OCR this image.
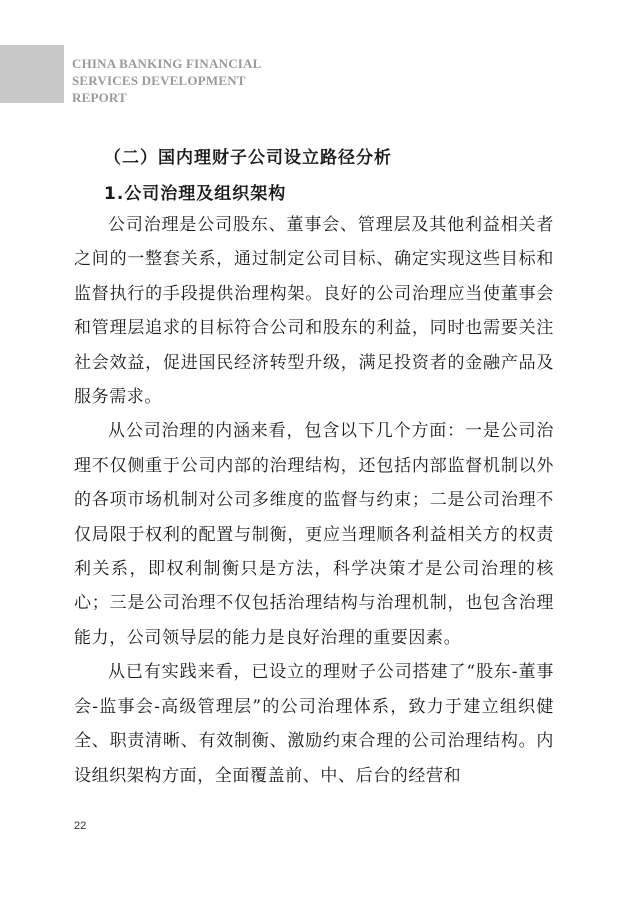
CHINA BANKING FINANCIAL
SERVICES DEVELOPMENT
REPORT
（二）国内理财子公司设立路径分析
1.公司治理及组织架构

公司治理是公司股东、董事会、管理层及其他利益相关者之间的一整套关系，通过制定公司目标、确定实现这些目标和监督执行的手段提供治理构架。良好的公司治理应当使董事会和管理层追求的目标符合公司和股东的利益，同时也需要关注社会效益，促进国民经济转型升级，满足投资者的金融产品及服务需求。

从公司治理的内涵来看，包含以下几个方面：一是公司治理不仅侧重于公司内部的治理结构，还包括内部监督机制以外的各项市场机制对公司多维度的监督与约束；二是公司治理不仅局限于权利的配置与制衡，更应当理顺各利益相关方的权责利关系，即权利制衡只是方法，科学决策才是公司治理的核心；三是公司治理不仅包括治理结构与治理机制，也包含治理能力，公司领导层的能力是良好治理的重要因素。

从已有实践来看，已设立的理财子公司搭建了“股东-董事会-监事会-高级管理层”的公司治理体系，致力于建立组织健全、职责清晰、有效制衡、激励约束合理的公司治理结构。内设组织架构方面，全面覆盖前、中、后台的经营和

22
